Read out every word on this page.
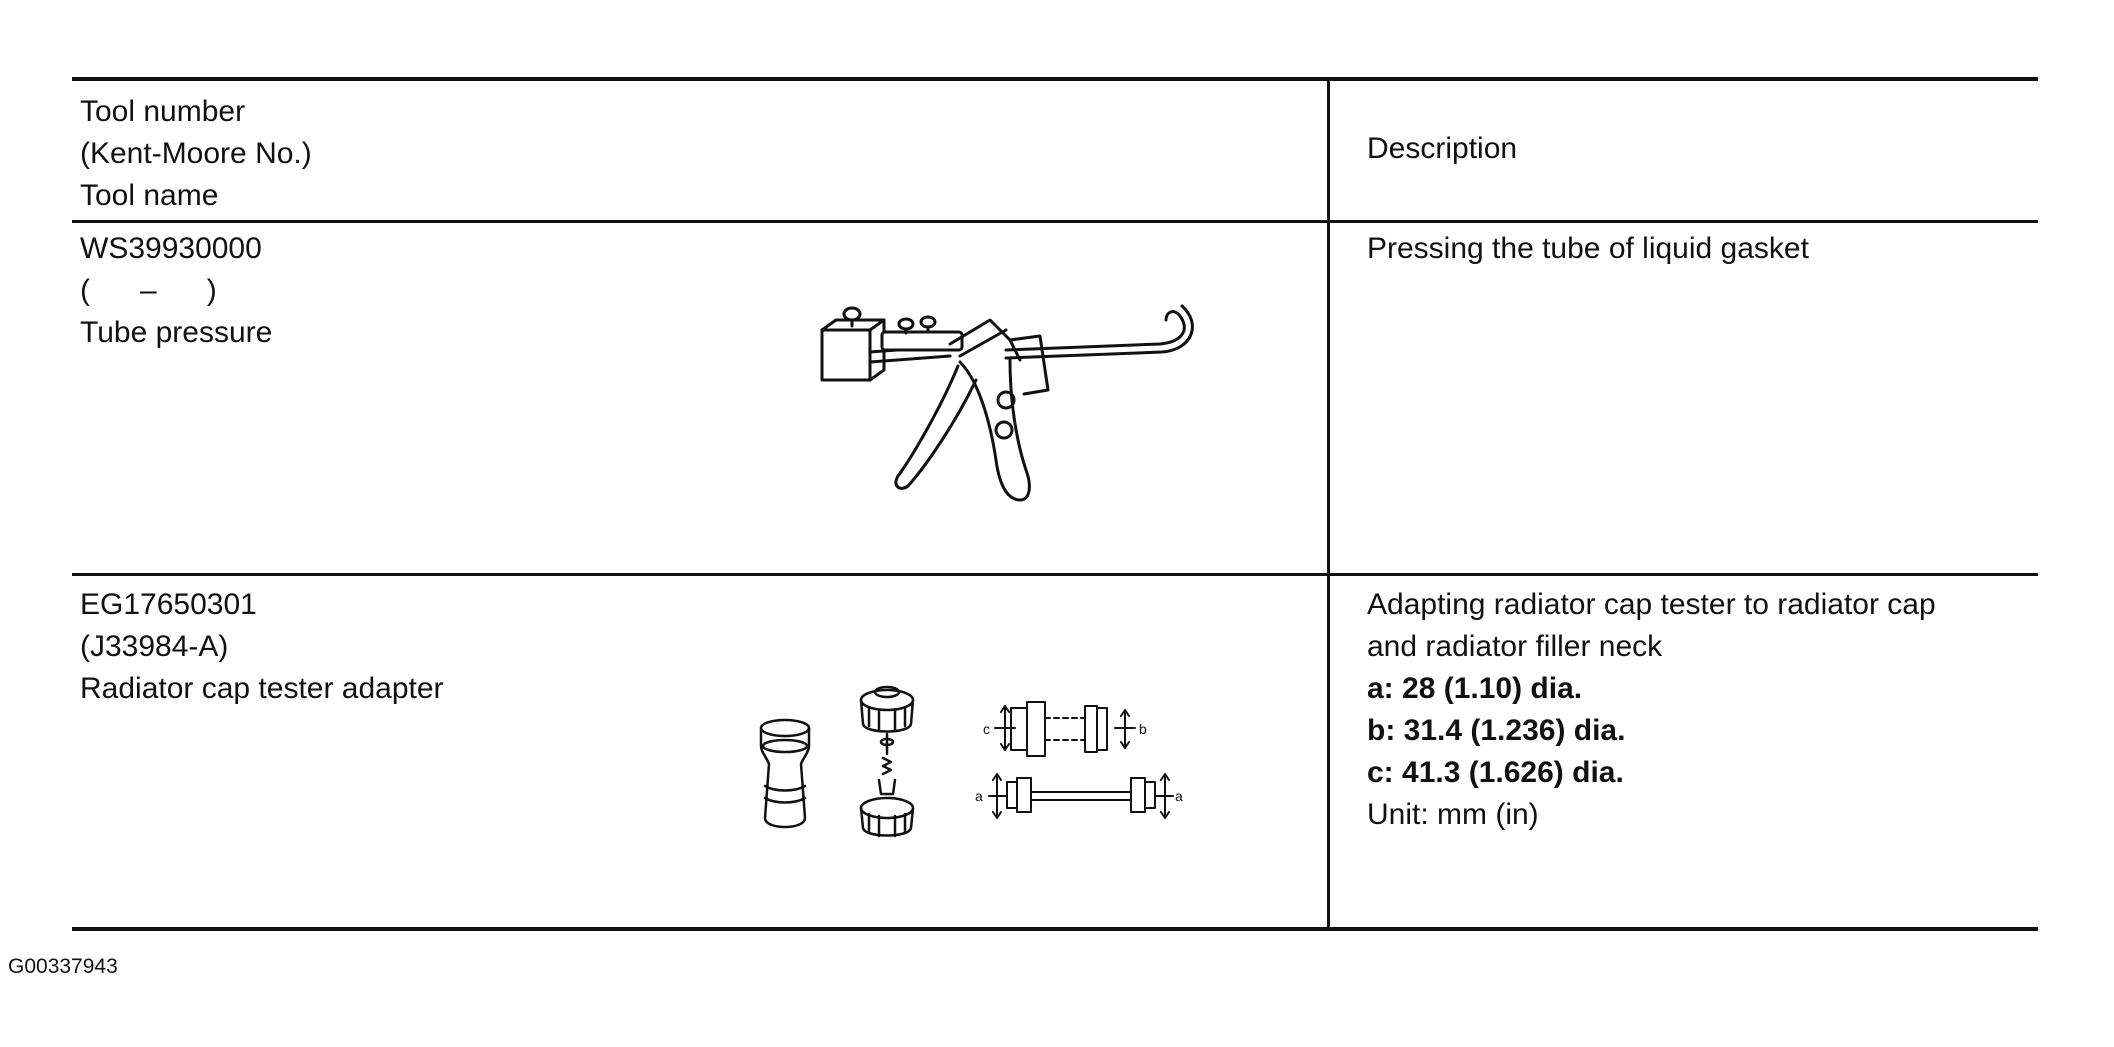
Tool number
(Kent-Moore No.)
Tool name
Description
WS39930000
(      –      )
Tube pressure
Pressing the tube of liquid gasket
EG17650301
(J33984-A)
Radiator cap tester adapter
Adapting radiator cap tester to radiator cap
and radiator filler neck
a: 28 (1.10) dia.
b: 31.4 (1.236) dia.
c: 41.3 (1.626) dia.
Unit: mm (in)
c	b
a	a
G00337943
